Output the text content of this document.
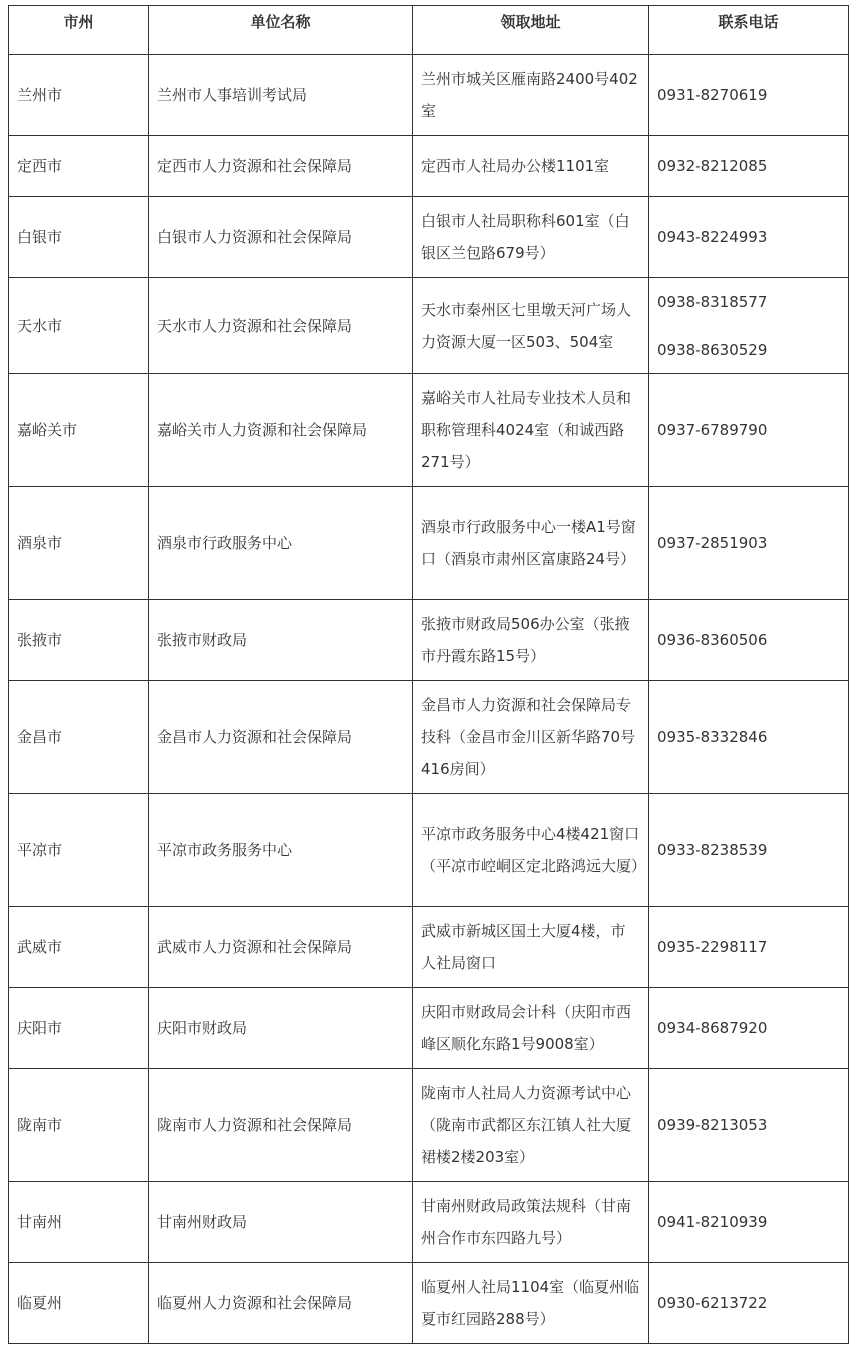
市州	单位名称	领取地址	联系电话
兰州市	兰州市人事培训考试局	兰州市城关区雁南路2400号402室	0931-8270619

定西市	定西市人力资源和社会保障局	定西市人社局办公楼1101室	0932-8212085

白银市	白银市人力资源和社会保障局	白银市人社局职称科601室（白银区兰包路679号）	0943-8224993

天水市	天水市人力资源和社会保障局	天水市秦州区七里墩天河广场人力资源大厦一区503、504室	0938-8318577
0938-8630529

嘉峪关市	嘉峪关市人力资源和社会保障局	嘉峪关市人社局专业技术人员和职称管理科4024室（和诚西路271号）	0937-6789790

酒泉市	酒泉市行政服务中心	酒泉市行政服务中心一楼A1号窗口（酒泉市肃州区富康路24号）	0937-2851903

张掖市	张掖市财政局	张掖市财政局506办公室（张掖市丹霞东路15号）	0936-8360506

金昌市	金昌市人力资源和社会保障局	金昌市人力资源和社会保障局专技科（金昌市金川区新华路70号416房间）	0935-8332846

平凉市	平凉市政务服务中心	平凉市政务服务中心4楼421窗口（平凉市崆峒区定北路鸿远大厦）	0933-8238539

武威市	武威市人力资源和社会保障局	武威市新城区国土大厦4楼，市人社局窗口	0935-2298117

庆阳市	庆阳市财政局	庆阳市财政局会计科（庆阳市西峰区顺化东路1号9008室）	0934-8687920

陇南市	陇南市人力资源和社会保障局	陇南市人社局人力资源考试中心（陇南市武都区东江镇人社大厦裙楼2楼203室）	0939-8213053

甘南州	甘南州财政局	甘南州财政局政策法规科（甘南州合作市东四路九号）	0941-8210939

临夏州	临夏州人力资源和社会保障局	临夏州人社局1104室（临夏州临夏市红园路288号）	0930-6213722
